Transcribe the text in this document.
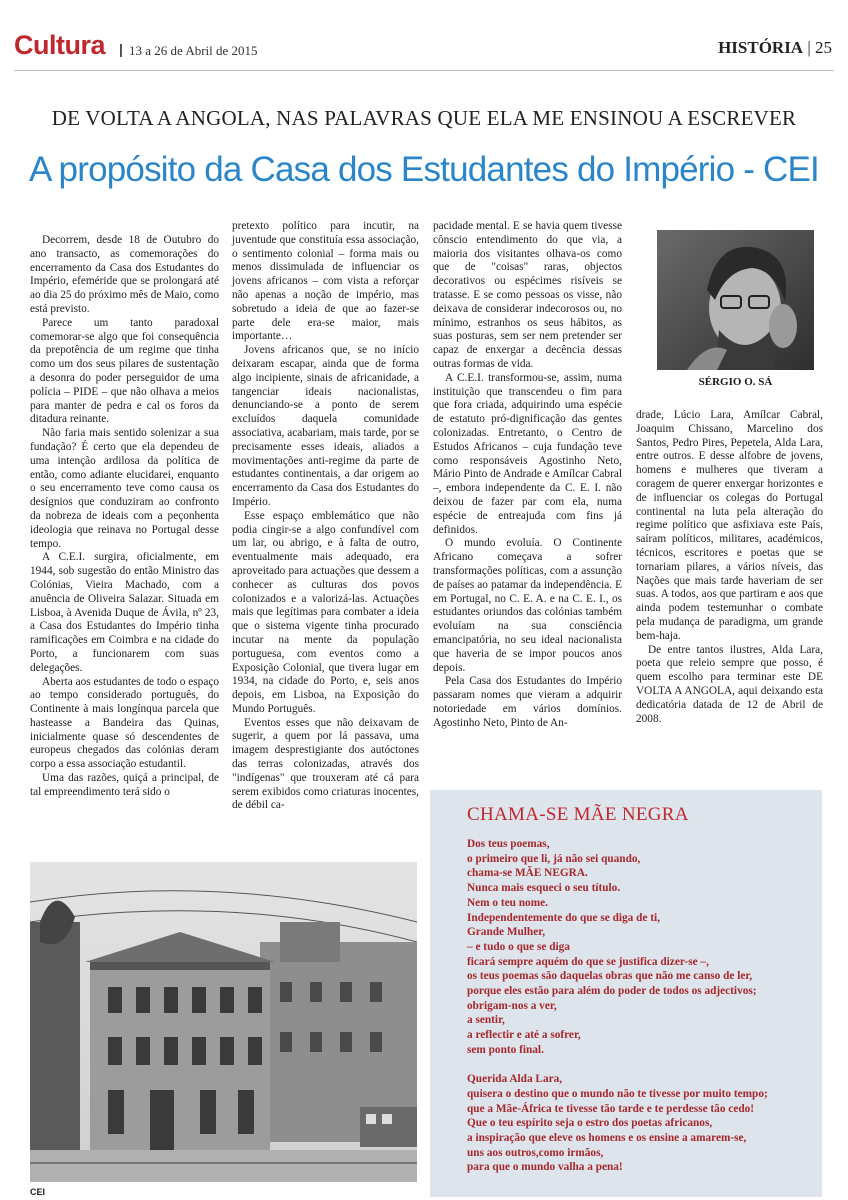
Cultura | 13 a 26 de Abril de 2015	HISTÓRIA | 25
DE VOLTA A ANGOLA, NAS PALAVRAS QUE ELA ME ENSINOU A ESCREVER
A propósito da Casa dos Estudantes do Império - CEI

Decorrem, desde 18 de Outubro do ano transacto, as comemorações do encerramento da Casa dos Estudantes do Império, efeméride que se prolongará até ao dia 25 do próximo mês de Maio, como está previsto.

Parece um tanto paradoxal comemorar-se algo que foi consequência da prepotência de um regime que tinha como um dos seus pilares de sustentação a desonra do poder perseguidor de uma polícia – PIDE – que não olhava a meios para manter de pedra e cal os foros da ditadura reinante.

Não faria mais sentido solenizar a sua fundação? É certo que ela dependeu de uma intenção ardilosa da política de então, como adiante elucidarei, enquanto o seu encerramento teve como causa os desígnios que conduziram ao confronto da nobreza de ideais com a peçonhenta ideologia que reinava no Portugal desse tempo.

A C.E.I. surgira, oficialmente, em 1944, sob sugestão do então Ministro das Colónias, Vieira Machado, com a anuência de Oliveira Salazar. Situada em Lisboa, à Avenida Duque de Ávila, nº 23, a Casa dos Estudantes do Império tinha ramificações em Coimbra e na cidade do Porto, a funcionarem com suas delegações.

Aberta aos estudantes de todo o espaço ao tempo considerado português, do Continente à mais longínqua parcela que hasteasse a Bandeira das Quinas, inicialmente quase só descendentes de europeus chegados das colónias deram corpo a essa associação estudantil.

Uma das razões, quiçá a principal, de tal empreendimento terá sido o

pretexto político para incutir, na juventude que constituía essa associação, o sentimento colonial – forma mais ou menos dissimulada de influenciar os jovens africanos – com vista a reforçar não apenas a noção de império, mas sobretudo a ideia de que ao fazer-se parte dele era-se maior, mais importante…

Jovens africanos que, se no início deixaram escapar, ainda que de forma algo incipiente, sinais de africanidade, a tangenciar ideais nacionalistas, denunciando-se a ponto de serem excluídos daquela comunidade associativa, acabariam, mais tarde, por se precisamente esses ideais, aliados a movimentações anti-regime da parte de estudantes continentais, a dar origem ao encerramento da Casa dos Estudantes do Império.

Esse espaço emblemático que não podia cingir-se a algo confundível com um lar, ou abrigo, e à falta de outro, eventualmente mais adequado, era aproveitado para actuações que dessem a conhecer as culturas dos povos colonizados e a valorizá-las. Actuações mais que legítimas para combater a ideia que o sistema vigente tinha procurado incutar na mente da população portuguesa, com eventos como a Exposição Colonial, que tivera lugar em 1934, na cidade do Porto, e, seis anos depois, em Lisboa, na Exposição do Mundo Português.

Eventos esses que não deixavam de sugerir, a quem por lá passava, uma imagem desprestigiante dos autóctones das terras colonizadas, através dos "indígenas" que trouxeram até cá para serem exibidos como criaturas inocentes, de débil ca-

pacidade mental. E se havia quem tivesse cônscio entendimento do que via, a maioria dos visitantes olhava-os como que de "coisas" raras, objectos decorativos ou espécimes risíveis se tratasse. E se como pessoas os visse, não deixava de considerar indecorosos ou, no mínimo, estranhos os seus hábitos, as suas posturas, sem ser nem pretender ser capaz de enxergar a decência dessas outras formas de vida.

A C.E.I. transformou-se, assim, numa instituição que transcendeu o fim para que fora criada, adquirindo uma espécie de estatuto pró-dignificação das gentes colonizadas. Entretanto, o Centro de Estudos Africanos – cuja fundação teve como responsáveis Agostinho Neto, Mário Pinto de Andrade e Amílcar Cabral –, embora independente da C. E. I. não deixou de fazer par com ela, numa espécie de entreajuda com fins já definidos.

O mundo evoluía. O Continente Africano começava a sofrer transformações políticas, com a assunção de países ao patamar da independência. E em Portugal, no C. E. A. e na C. E. I., os estudantes oriundos das colónias também evoluíam na sua consciência emancipatória, no seu ideal nacionalista que haveria de se impor poucos anos depois.

Pela Casa dos Estudantes do Império passaram nomes que vieram a adquirir notoriedade em vários domínios. Agostinho Neto, Pinto de An-

SÉRGIO O. SÁ

drade, Lúcio Lara, Amílcar Cabral, Joaquim Chissano, Marcelino dos Santos, Pedro Pires, Pepetela, Alda Lara, entre outros. E desse alfobre de jovens, homens e mulheres que tiveram a coragem de querer enxergar horizontes e de influenciar os colegas do Portugal continental na luta pela alteração do regime político que asfixiava este País, saíram políticos, militares, académicos, técnicos, escritores e poetas que se tornariam pilares, a vários níveis, das Nações que mais tarde haveriam de ser suas. A todos, aos que partiram e aos que ainda podem testemunhar o combate pela mudança de paradigma, um grande bem-haja.

De entre tantos ilustres, Alda Lara, poeta que releio sempre que posso, é quem escolho para terminar este DE VOLTA A ANGOLA, aqui deixando esta dedicatória datada de 12 de Abril de 2008.

CEI
CHAMA-SE MÃE NEGRA
Dos teus poemas,
o primeiro que li, já não sei quando,
chama-se MÃE NEGRA.
Nunca mais esqueci o seu título.
Nem o teu nome.
Independentemente do que se diga de ti,
Grande Mulher,
– e tudo o que se diga
ficará sempre aquém do que se justifica dizer-se –,
os teus poemas são daquelas obras que não me canso de ler,
porque eles estão para além do poder de todos os adjectivos;
obrigam-nos a ver,
a sentir,
a reflectir e até a sofrer,
sem ponto final.
Querida Alda Lara,
quisera o destino que o mundo não te tivesse por muito tempo;
que a Mãe-África te tivesse tão tarde e te perdesse tão cedo!
Que o teu espírito seja o estro dos poetas africanos,
a inspiração que eleve os homens e os ensine a amarem-se,
uns aos outros,como irmãos,
para que o mundo valha a pena!
